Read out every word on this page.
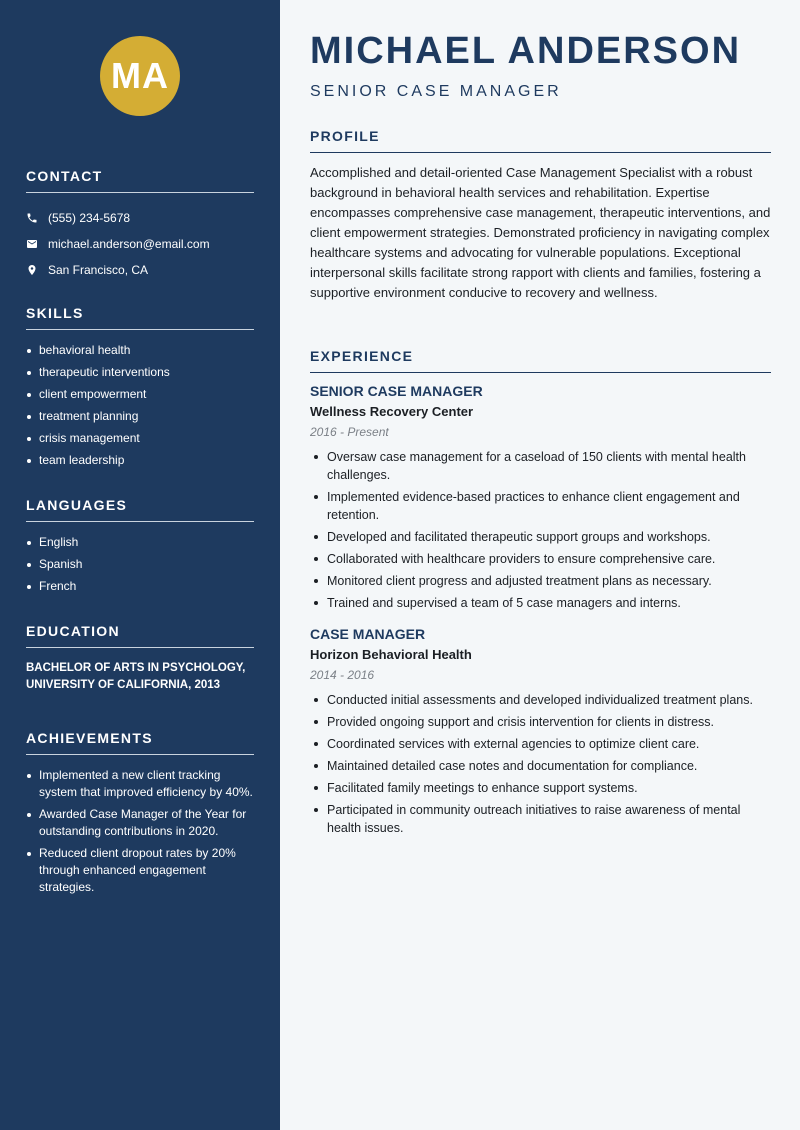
MA
CONTACT
(555) 234-5678
michael.anderson@email.com
San Francisco, CA
SKILLS
behavioral health
therapeutic interventions
client empowerment
treatment planning
crisis management
team leadership
LANGUAGES
English
Spanish
French
EDUCATION
BACHELOR OF ARTS IN PSYCHOLOGY, UNIVERSITY OF CALIFORNIA, 2013
ACHIEVEMENTS
Implemented a new client tracking system that improved efficiency by 40%.
Awarded Case Manager of the Year for outstanding contributions in 2020.
Reduced client dropout rates by 20% through enhanced engagement strategies.
MICHAEL ANDERSON
SENIOR CASE MANAGER
PROFILE

Accomplished and detail-oriented Case Management Specialist with a robust background in behavioral health services and rehabilitation. Expertise encompasses comprehensive case management, therapeutic interventions, and client empowerment strategies. Demonstrated proficiency in navigating complex healthcare systems and advocating for vulnerable populations. Exceptional interpersonal skills facilitate strong rapport with clients and families, fostering a supportive environment conducive to recovery and wellness.

EXPERIENCE
SENIOR CASE MANAGER
Wellness Recovery Center
2016 - Present
Oversaw case management for a caseload of 150 clients with mental health challenges.
Implemented evidence-based practices to enhance client engagement and retention.
Developed and facilitated therapeutic support groups and workshops.
Collaborated with healthcare providers to ensure comprehensive care.
Monitored client progress and adjusted treatment plans as necessary.
Trained and supervised a team of 5 case managers and interns.
CASE MANAGER
Horizon Behavioral Health
2014 - 2016
Conducted initial assessments and developed individualized treatment plans.
Provided ongoing support and crisis intervention for clients in distress.
Coordinated services with external agencies to optimize client care.
Maintained detailed case notes and documentation for compliance.
Facilitated family meetings to enhance support systems.
Participated in community outreach initiatives to raise awareness of mental health issues.
